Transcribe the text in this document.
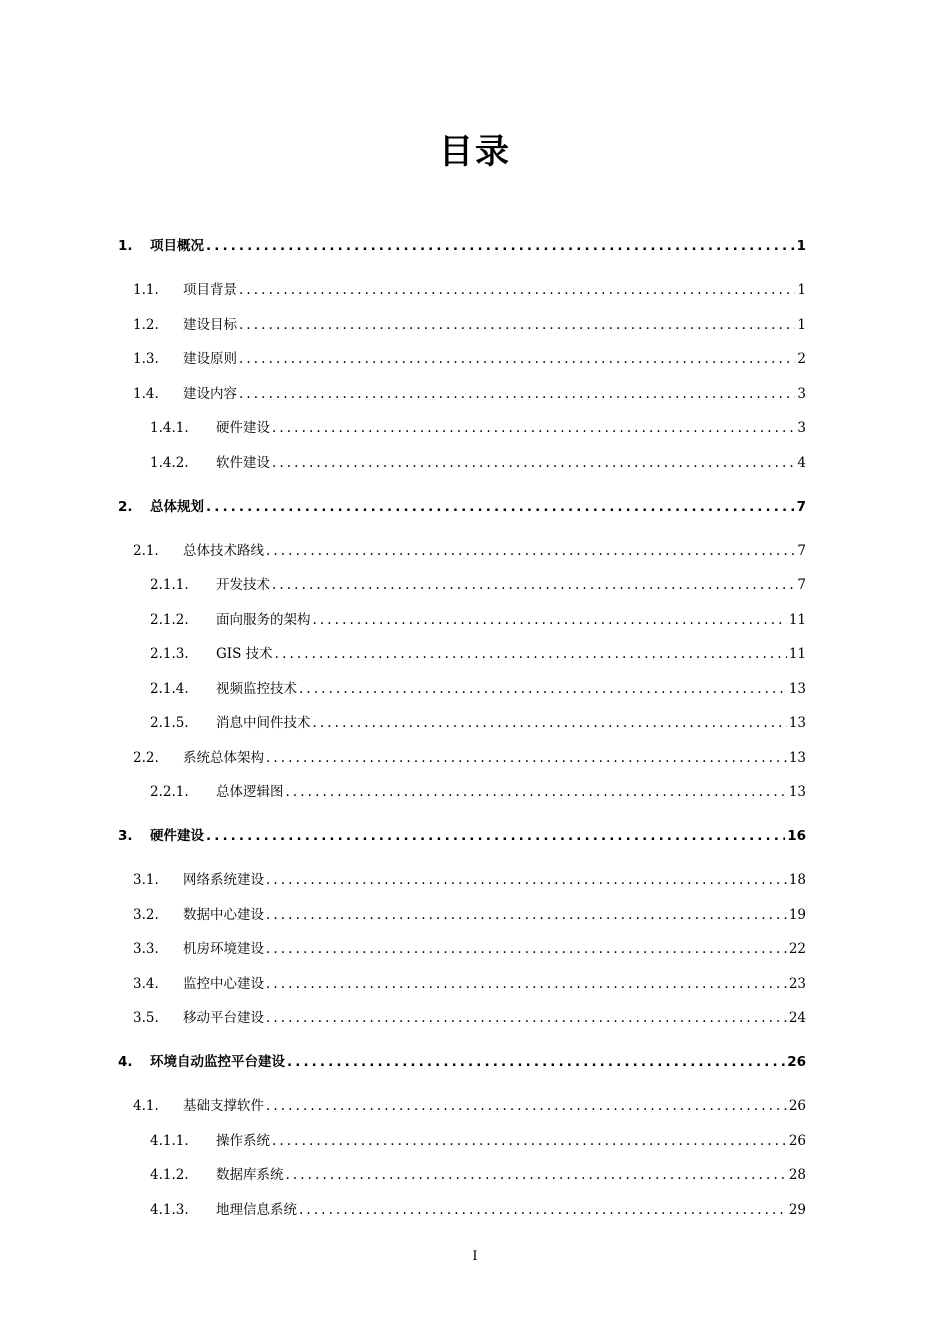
目录
1.	项目概况 .....	1
1.1.	项目背景 .....	1
1.2.	建设目标 .....	1
1.3.	建设原则 .....	2
1.4.	建设内容 .....	3
1.4.1.	硬件建设 .....	3
1.4.2.	软件建设 .....	4
2.	总体规划 .....	7
2.1.	总体技术路线 .....	7
2.1.1.	开发技术 .....	7
2.1.2.	面向服务的架构 .....	11
2.1.3.	GIS 技术 .....	11
2.1.4.	视频监控技术 .....	13
2.1.5.	消息中间件技术 .....	13
2.2.	系统总体架构 .....	13
2.2.1.	总体逻辑图 .....	13
3.	硬件建设 .....	16
3.1.	网络系统建设 .....	18
3.2.	数据中心建设 .....	19
3.3.	机房环境建设 .....	22
3.4.	监控中心建设 .....	23
3.5.	移动平台建设 .....	24
4.	环境自动监控平台建设 .....	26
4.1.	基础支撑软件 .....	26
4.1.1.	操作系统 .....	26
4.1.2.	数据库系统 .....	28
4.1.3.	地理信息系统 .....	29
I
